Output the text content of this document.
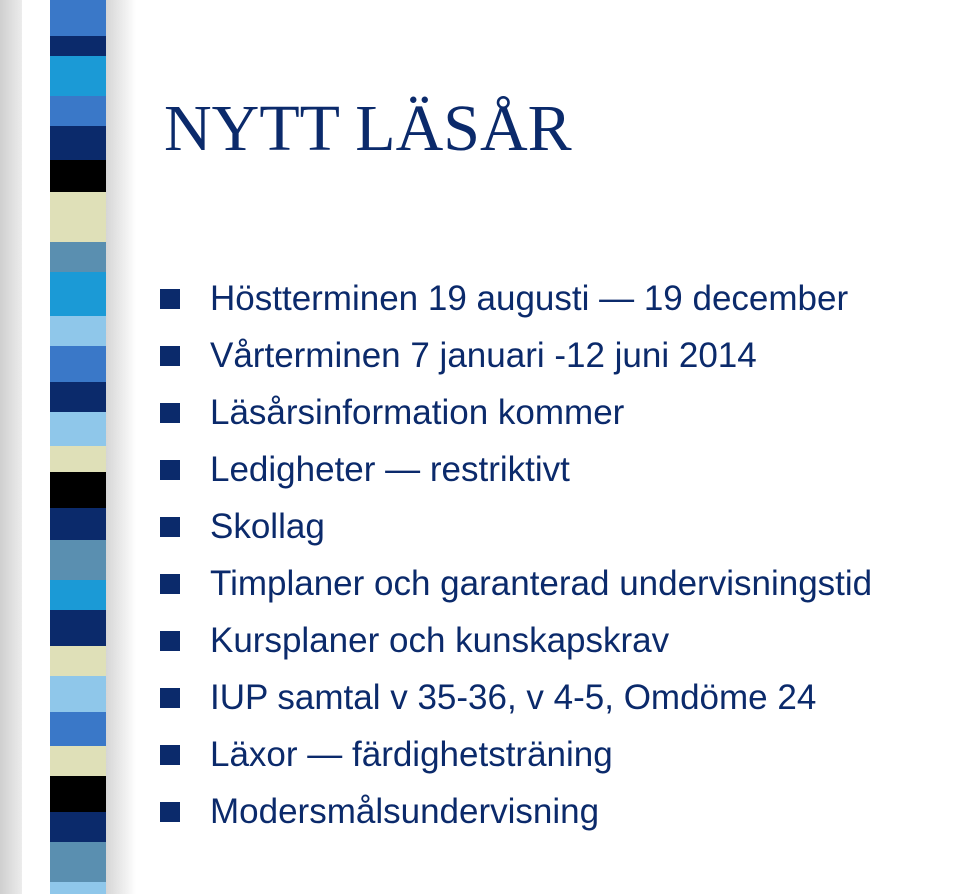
NYTT LÄSÅR
Höstterminen 19 augusti — 19 december
Vårterminen 7 januari -12 juni 2014
Läsårsinformation kommer
Ledigheter — restriktivt
Skollag
Timplaner och garanterad undervisningstid
Kursplaner och kunskapskrav
IUP samtal v 35-36, v 4-5, Omdöme 24
Läxor — färdighetsträning
Modersmålsundervisning
